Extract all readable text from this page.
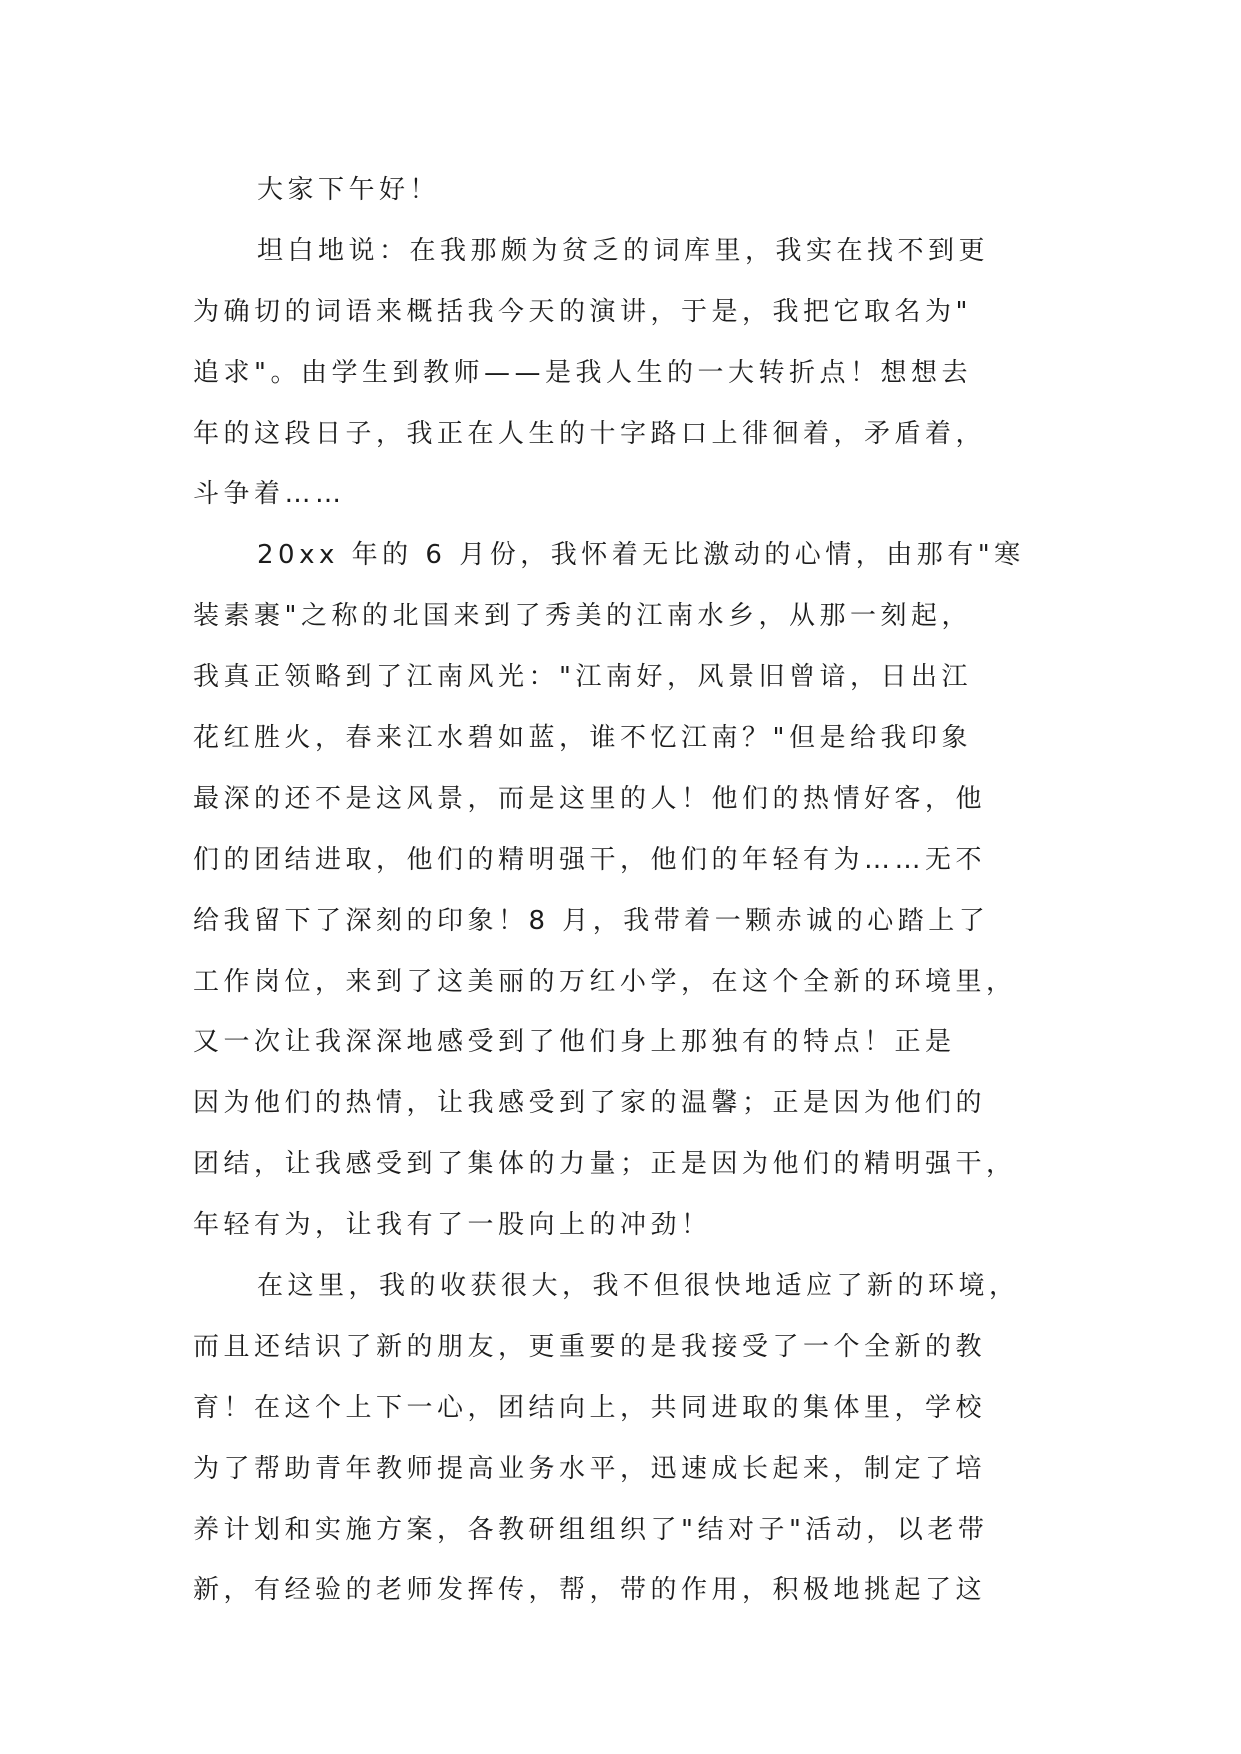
大家下午好！
坦白地说：在我那颇为贫乏的词库里，我实在找不到更
为确切的词语来概括我今天的演讲，于是，我把它取名为"
追求"。由学生到教师——是我人生的一大转折点！想想去
年的这段日子，我正在人生的十字路口上徘徊着，矛盾着，
斗争着……
20xx 年的 6 月份，我怀着无比激动的心情，由那有"寒
装素裹"之称的北国来到了秀美的江南水乡，从那一刻起，
我真正领略到了江南风光："江南好，风景旧曾谙，日出江
花红胜火，春来江水碧如蓝，谁不忆江南？"但是给我印象
最深的还不是这风景，而是这里的人！他们的热情好客，他
们的团结进取，他们的精明强干，他们的年轻有为……无不
给我留下了深刻的印象！8 月，我带着一颗赤诚的心踏上了
工作岗位，来到了这美丽的万红小学，在这个全新的环境里，
又一次让我深深地感受到了他们身上那独有的特点！正是
因为他们的热情，让我感受到了家的温馨；正是因为他们的
团结，让我感受到了集体的力量；正是因为他们的精明强干，
年轻有为，让我有了一股向上的冲劲！
在这里，我的收获很大，我不但很快地适应了新的环境，
而且还结识了新的朋友，更重要的是我接受了一个全新的教
育！在这个上下一心，团结向上，共同进取的集体里，学校
为了帮助青年教师提高业务水平，迅速成长起来，制定了培
养计划和实施方案，各教研组组织了"结对子"活动，以老带
新，有经验的老师发挥传，帮，带的作用，积极地挑起了这
